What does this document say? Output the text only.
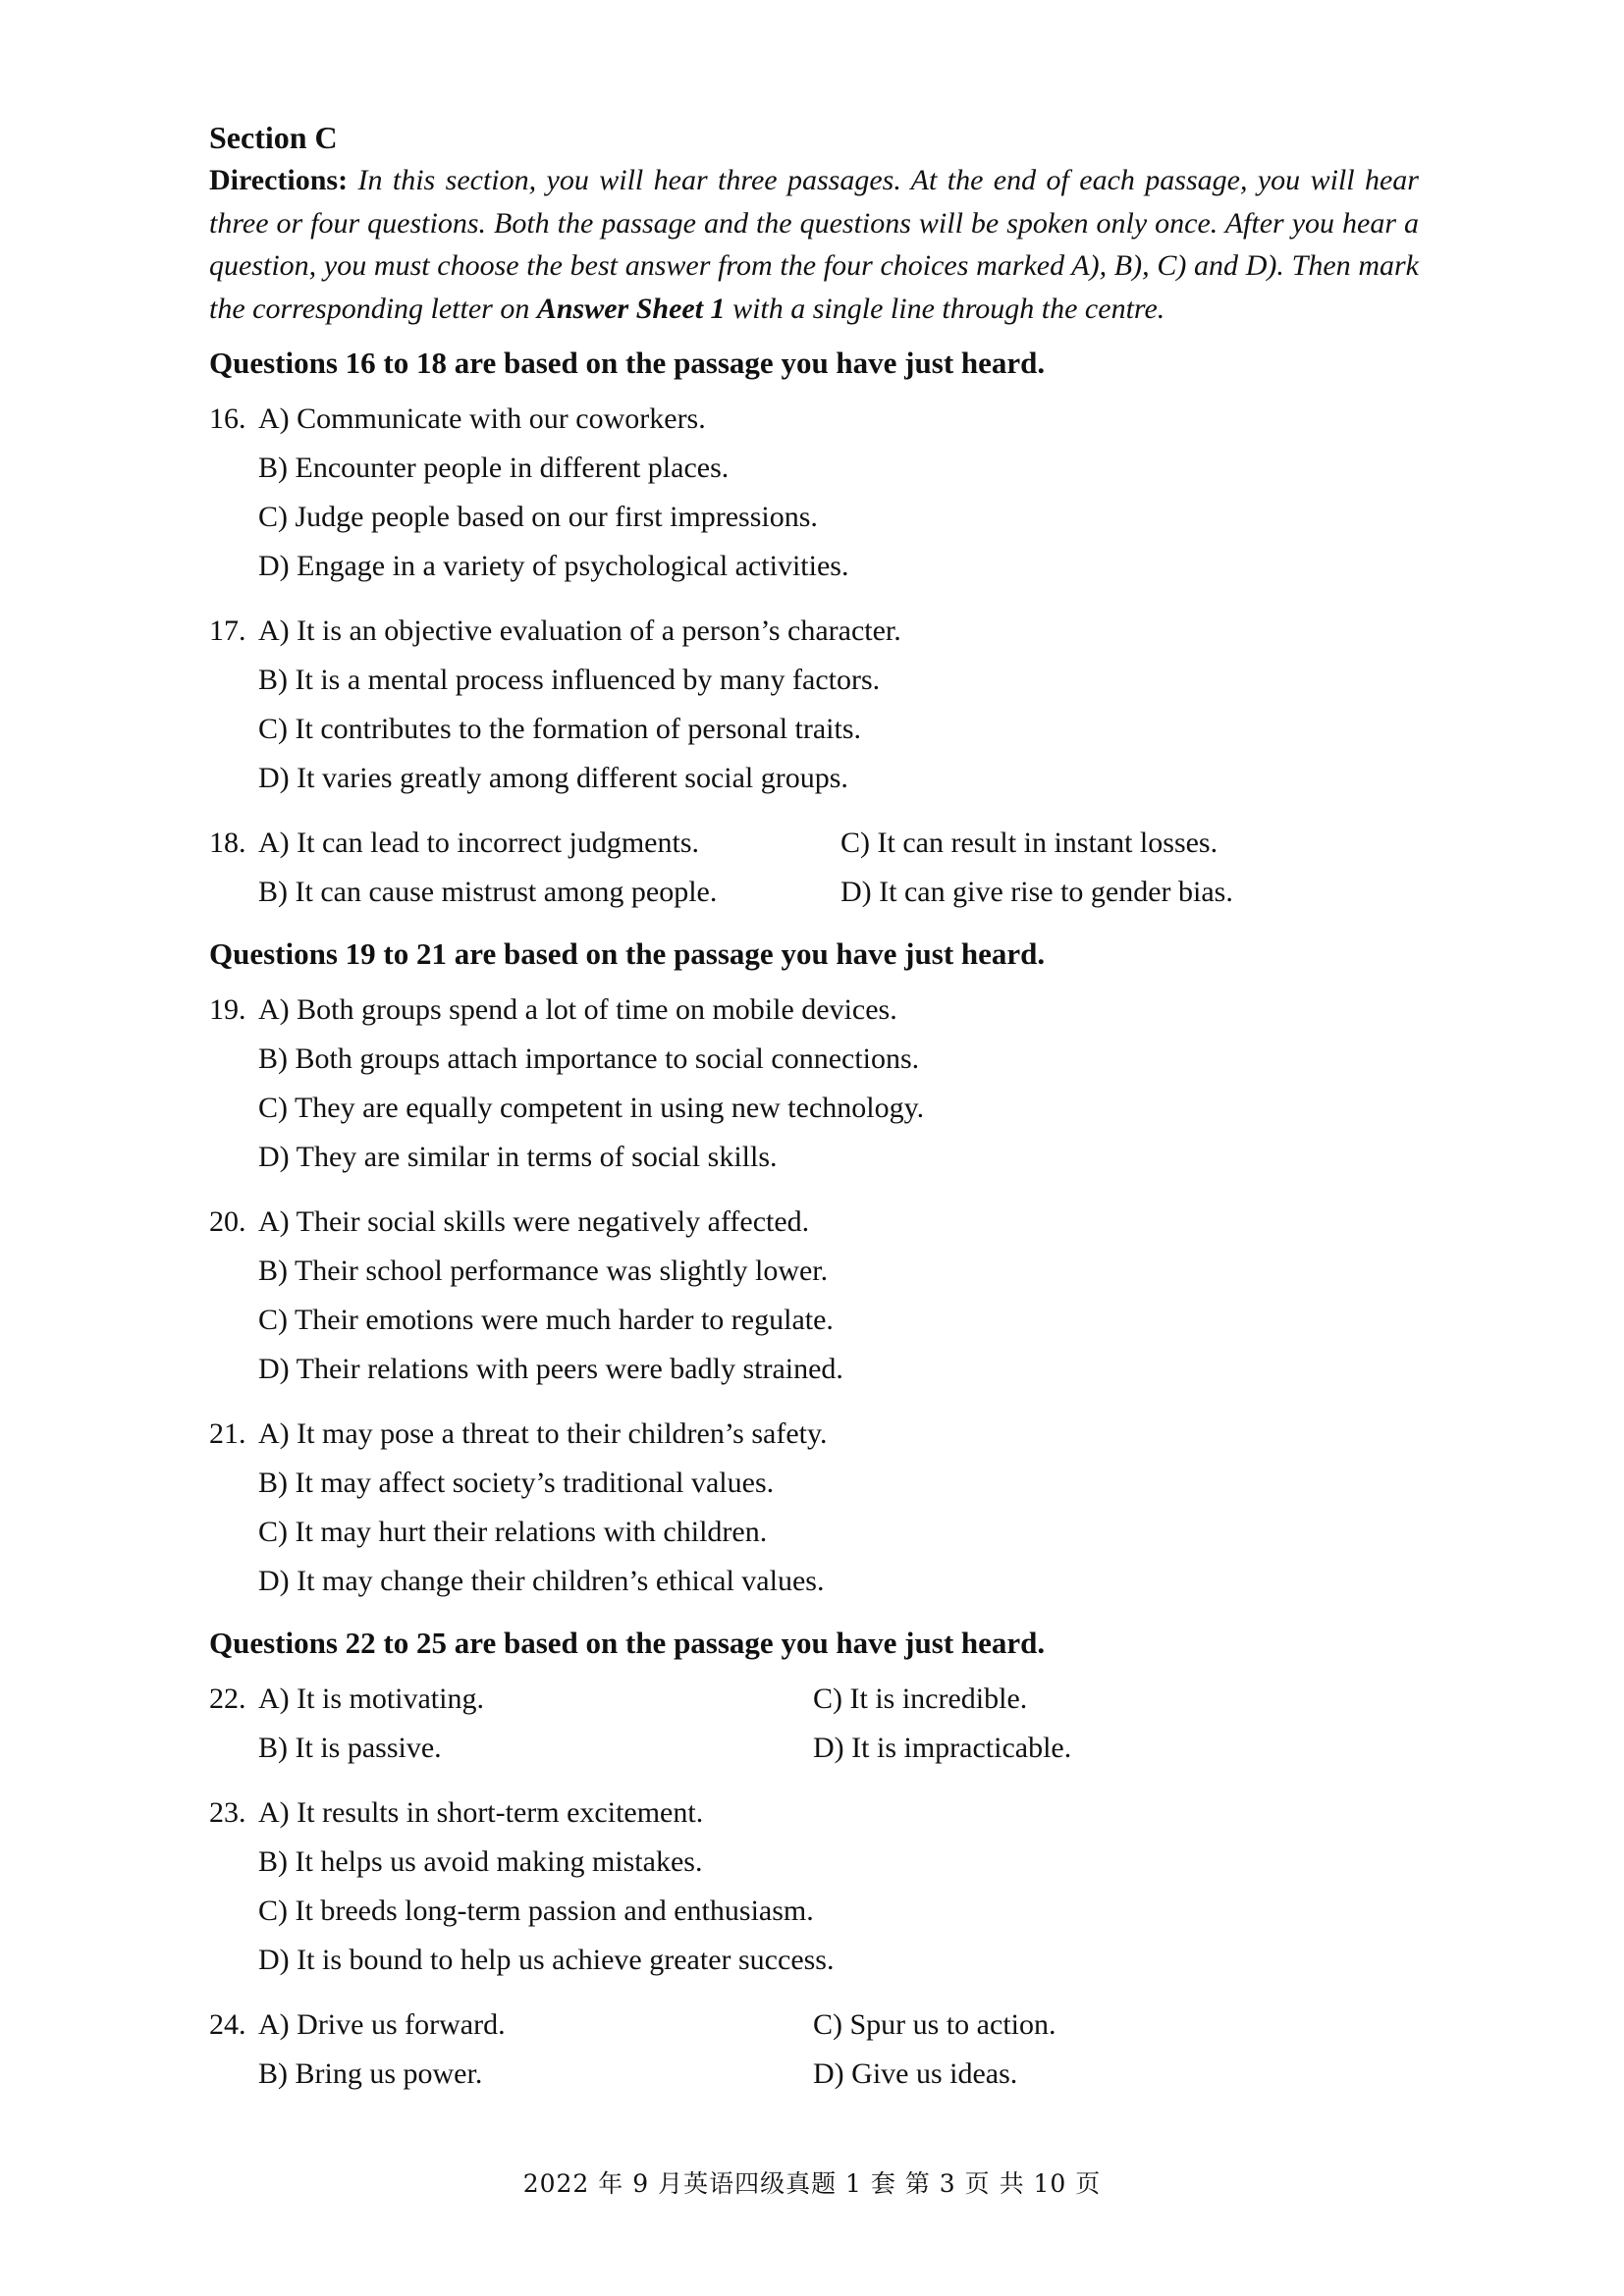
Section C

Directions: In this section, you will hear three passages. At the end of each passage, you will hear three or four questions. Both the passage and the questions will be spoken only once. After you hear a question, you must choose the best answer from the four choices marked A), B), C) and D). Then mark the corresponding letter on Answer Sheet 1 with a single line through the centre.

Questions 16 to 18 are based on the passage you have just heard.
16. A) Communicate with our coworkers.
B) Encounter people in different places.
C) Judge people based on our first impressions.
D) Engage in a variety of psychological activities.
17. A) It is an objective evaluation of a person’s character.
B) It is a mental process influenced by many factors.
C) It contributes to the formation of personal traits.
D) It varies greatly among different social groups.
18. A) It can lead to incorrect judgments.	C) It can result in instant losses.
B) It can cause mistrust among people.	D) It can give rise to gender bias.
Questions 19 to 21 are based on the passage you have just heard.
19. A) Both groups spend a lot of time on mobile devices.
B) Both groups attach importance to social connections.
C) They are equally competent in using new technology.
D) They are similar in terms of social skills.
20. A) Their social skills were negatively affected.
B) Their school performance was slightly lower.
C) Their emotions were much harder to regulate.
D) Their relations with peers were badly strained.
21. A) It may pose a threat to their children’s safety.
B) It may affect society’s traditional values.
C) It may hurt their relations with children.
D) It may change their children’s ethical values.
Questions 22 to 25 are based on the passage you have just heard.
22. A) It is motivating.	C) It is incredible.
B) It is passive.	D) It is impracticable.
23. A) It results in short-term excitement.
B) It helps us avoid making mistakes.
C) It breeds long-term passion and enthusiasm.
D) It is bound to help us achieve greater success.
24. A) Drive us forward.	C) Spur us to action.
B) Bring us power.	D) Give us ideas.
2022 年 9 月英语四级真题 1 套 第 3 页 共 10 页
